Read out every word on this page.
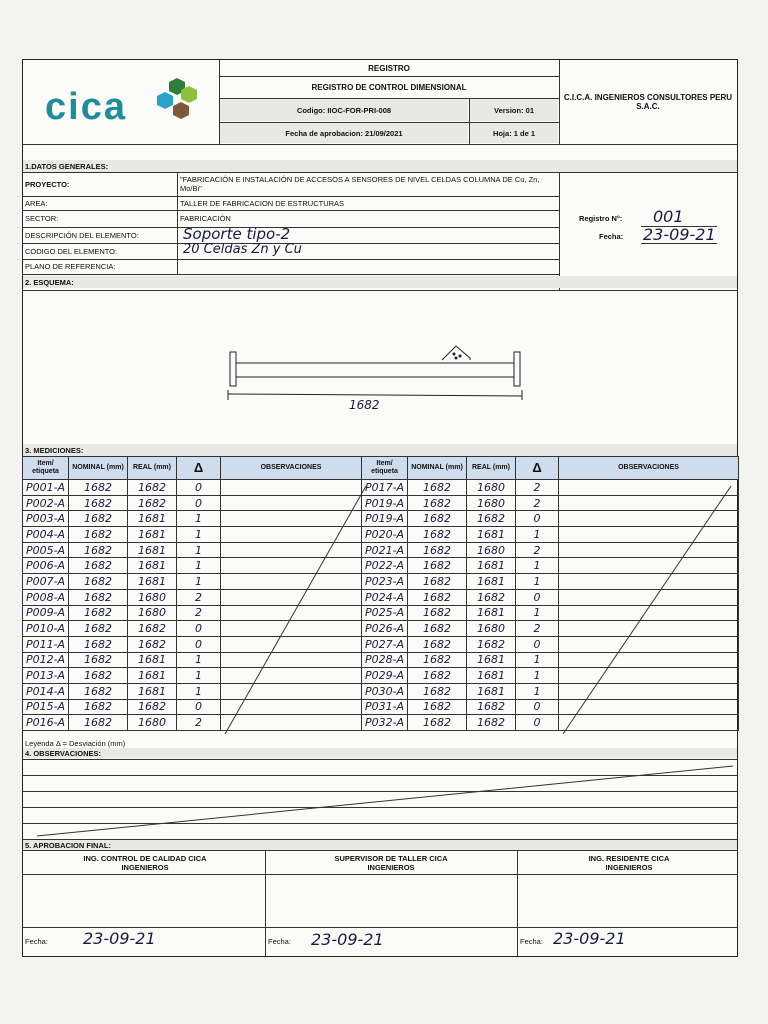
cica
REGISTRO
REGISTRO DE CONTROL DIMENSIONAL
Codigo: IIOC-FOR-PRI-008	Version: 01
Fecha de aprobacion: 21/09/2021	Hoja: 1 de 1
C.I.C.A. INGENIEROS CONSULTORES PERU S.A.C.
1.DATOS GENERALES:
PROYECTO:	"FABRICACIÓN E INSTALACIÓN DE ACCESOS A SENSORES DE NIVEL CELDAS COLUMNA DE Cu, Zn, Mo/Bi"
AREA:	TALLER DE FABRICACION DE ESTRUCTURAS
SECTOR:	FABRICACIÓN
DESCRIPCIÓN DEL ELEMENTO:	Soporte tipo-2
CODIGO DEL ELEMENTO:	20 Celdas Zn y Cu
PLANO DE REFERENCIA:
Registro N°: 001
Fecha: 23-09-21
2. ESQUEMA:
1682
3. MEDICIONES:
Item/ etiqueta	NOMINAL (mm)	REAL (mm)	Δ	OBSERVACIONES	Item/ etiqueta	NOMINAL (mm)	REAL (mm)	Δ	OBSERVACIONES
P001-A	1682	1682	0		P017-A	1682	1680	2	
P002-A	1682	1682	0		P019-A	1682	1680	2	
P003-A	1682	1681	1		P019-A	1682	1682	0	
P004-A	1682	1681	1		P020-A	1682	1681	1	
P005-A	1682	1681	1		P021-A	1682	1680	2	
P006-A	1682	1681	1		P022-A	1682	1681	1	
P007-A	1682	1681	1		P023-A	1682	1681	1	
P008-A	1682	1680	2		P024-A	1682	1682	0	
P009-A	1682	1680	2		P025-A	1682	1681	1	
P010-A	1682	1682	0		P026-A	1682	1680	2	
P011-A	1682	1682	0		P027-A	1682	1682	0	
P012-A	1682	1681	1		P028-A	1682	1681	1	
P013-A	1682	1681	1		P029-A	1682	1681	1	
P014-A	1682	1681	1		P030-A	1682	1681	1	
P015-A	1682	1682	0		P031-A	1682	1682	0	
P016-A	1682	1680	2		P032-A	1682	1682	0	
Leyenda Δ = Desviación (mm)
4. OBSERVACIONES:
5. APROBACION FINAL:
ING. CONTROL DE CALIDAD CICA INGENIEROS
SUPERVISOR DE TALLER CICA INGENIEROS
ING. RESIDENTE CICA INGENIEROS
Fecha: 23-09-21	Fecha: 23-09-21	Fecha: 23-09-21
